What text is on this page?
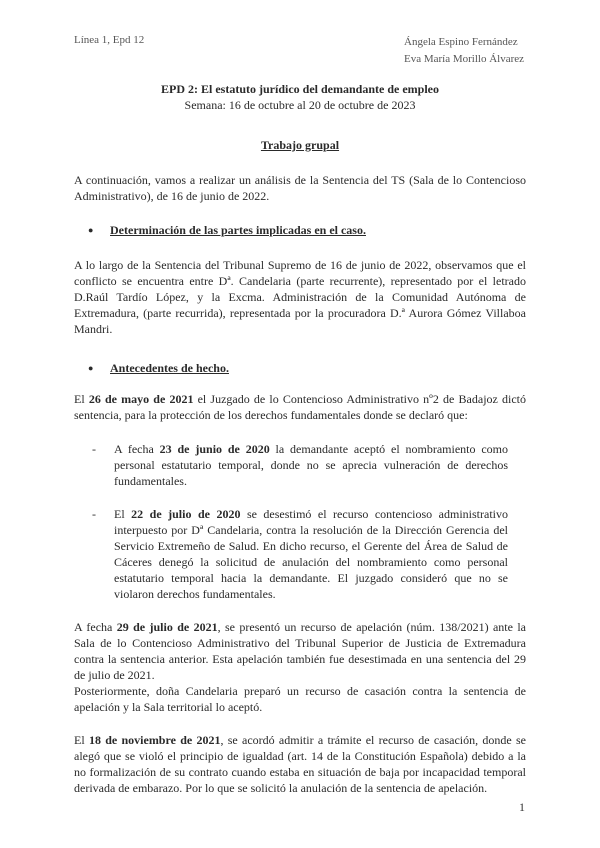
Línea 1, Epd 12	Ángela Espino Fernández
Eva María Morillo Álvarez
EPD 2: El estatuto jurídico del demandante de empleo
Semana: 16 de octubre al 20 de octubre de 2023
Trabajo grupal

A continuación, vamos a realizar un análisis de la Sentencia del TS (Sala de lo Contencioso Administrativo), de 16 de junio de 2022.

●	Determinación de las partes implicadas en el caso.

A lo largo de la Sentencia del Tribunal Supremo de 16 de junio de 2022, observamos que el conflicto se encuentra entre Dª. Candelaria (parte recurrente), representado por el letrado D.Raúl Tardío López, y la Excma. Administración de la Comunidad Autónoma de Extremadura, (parte recurrida), representada por la procuradora D.ª Aurora Gómez Villaboa Mandri.

●	Antecedentes de hecho.

El 26 de mayo de 2021 el Juzgado de lo Contencioso Administrativo nº2 de Badajoz dictó sentencia, para la protección de los derechos fundamentales donde se declaró que:

-	A fecha 23 de junio de 2020 la demandante aceptó el nombramiento como personal estatutario temporal, donde no se aprecia vulneración de derechos fundamentales.

-	El 22 de julio de 2020 se desestimó el recurso contencioso administrativo interpuesto por Dª Candelaria, contra la resolución de la Dirección Gerencia del Servicio Extremeño de Salud. En dicho recurso, el Gerente del Área de Salud de Cáceres denegó la solicitud de anulación del nombramiento como personal estatutario temporal hacia la demandante. El juzgado consideró que no se violaron derechos fundamentales.

A fecha 29 de julio de 2021, se presentó un recurso de apelación (núm. 138/2021) ante la Sala de lo Contencioso Administrativo del Tribunal Superior de Justicia de Extremadura contra la sentencia anterior. Esta apelación también fue desestimada en una sentencia del 29 de julio de 2021.

Posteriormente, doña Candelaria preparó un recurso de casación contra la sentencia de apelación y la Sala territorial lo aceptó.

El 18 de noviembre de 2021, se acordó admitir a trámite el recurso de casación, donde se alegó que se violó el principio de igualdad (art. 14 de la Constitución Española) debido a la no formalización de su contrato cuando estaba en situación de baja por incapacidad temporal derivada de embarazo. Por lo que se solicitó la anulación de la sentencia de apelación.

1
